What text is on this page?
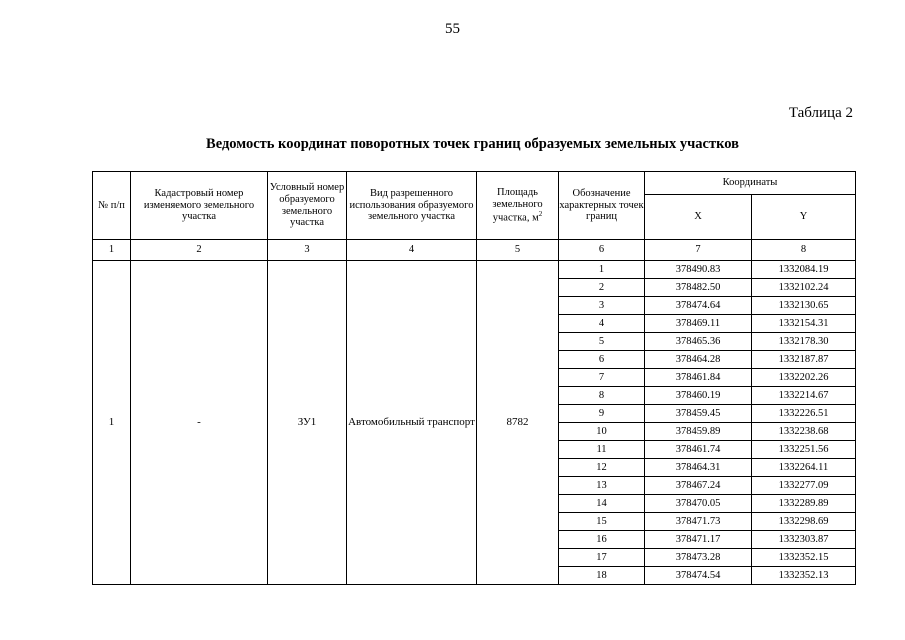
55
Таблица 2
Ведомость координат поворотных точек границ образуемых земельных участков
№ п/п	Кадастровый номер изменяемого земельного участка	Условный номер образуемого земельного участка	Вид разрешенного использования образуемого земельного участка	Площадь земельного участка, $м^2$	Обозначение характерных точек границ	Координаты	
						X	Y
1	2	3	4	5	6	7	8
1	-	ЗУ1	Автомобильный транспорт	8782	1	378490.83	1332084.19
					2	378482.50	1332102.24
					3	378474.64	1332130.65
					4	378469.11	1332154.31
					5	378465.36	1332178.30
					6	378464.28	1332187.87
					7	378461.84	1332202.26
					8	378460.19	1332214.67
					9	378459.45	1332226.51
					10	378459.89	1332238.68
					11	378461.74	1332251.56
					12	378464.31	1332264.11
					13	378467.24	1332277.09
					14	378470.05	1332289.89
					15	378471.73	1332298.69
					16	378471.17	1332303.87
					17	378473.28	1332352.15
					18	378474.54	1332352.13
